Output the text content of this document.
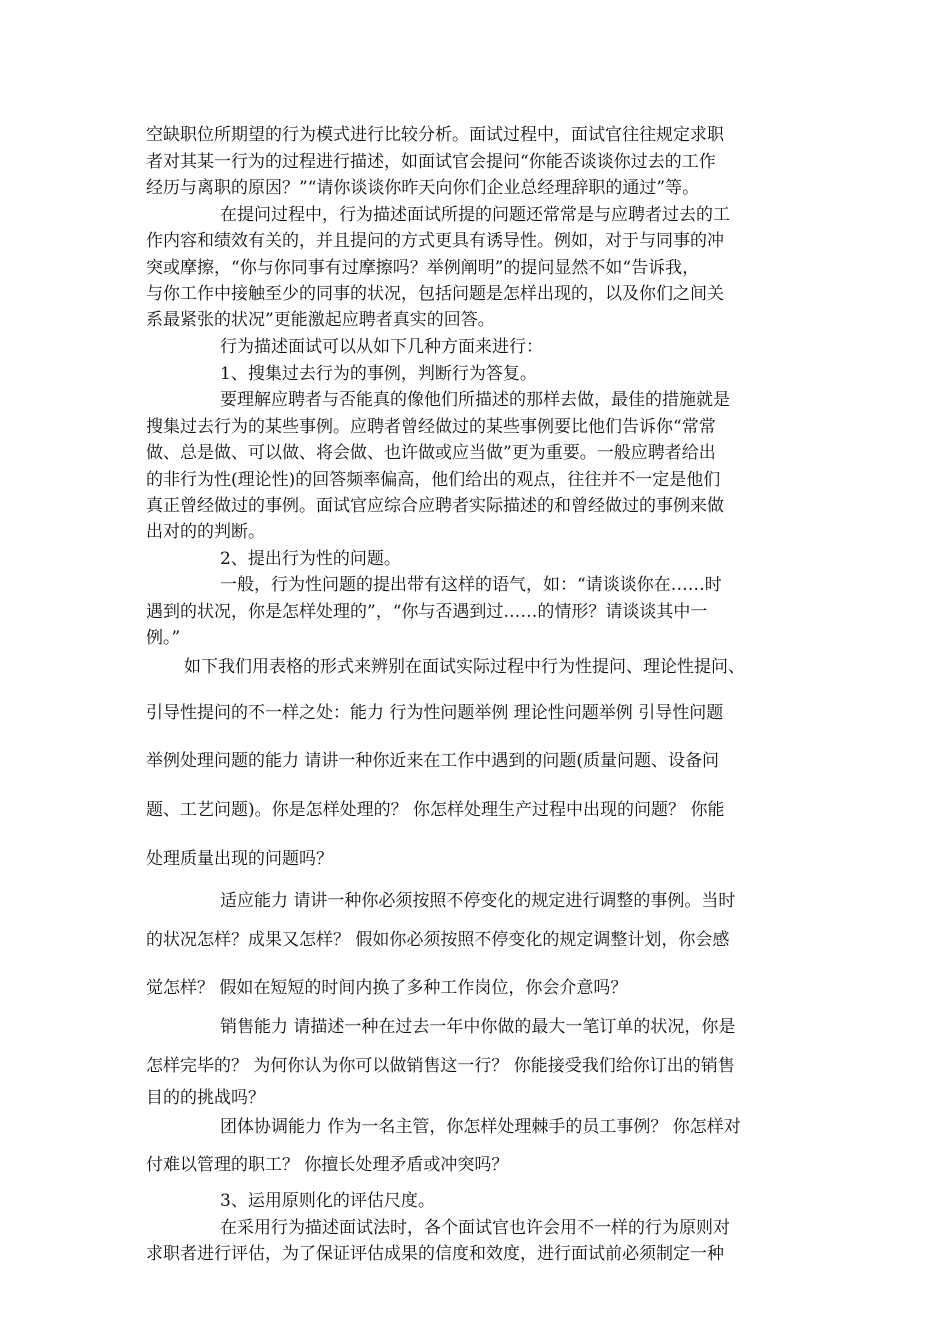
空缺职位所期望的行为模式进行比较分析。面试过程中，面试官往往规定求职
者对其某一行为的过程进行描述，如面试官会提问“你能否谈谈你过去的工作
经历与离职的原因？”“请你谈谈你昨天向你们企业总经理辞职的通过”等。
在提问过程中，行为描述面试所提的问题还常常是与应聘者过去的工
作内容和绩效有关的，并且提问的方式更具有诱导性。例如，对于与同事的冲
突或摩擦，“你与你同事有过摩擦吗？举例阐明”的提问显然不如“告诉我，
与你工作中接触至少的同事的状况，包括问题是怎样出现的，以及你们之间关
系最紧张的状况”更能激起应聘者真实的回答。
行为描述面试可以从如下几种方面来进行：
1、搜集过去行为的事例，判断行为答复。
要理解应聘者与否能真的像他们所描述的那样去做，最佳的措施就是
搜集过去行为的某些事例。应聘者曾经做过的某些事例要比他们告诉你“常常
做、总是做、可以做、将会做、也许做或应当做”更为重要。一般应聘者给出
的非行为性(理论性)的回答频率偏高，他们给出的观点，往往并不一定是他们
真正曾经做过的事例。面试官应综合应聘者实际描述的和曾经做过的事例来做
出对的的判断。
2、提出行为性的问题。
一般，行为性问题的提出带有这样的语气，如：“请谈谈你在……时
遇到的状况，你是怎样处理的”，“你与否遇到过……的情形？请谈谈其中一
例。”
如下我们用表格的形式来辨别在面试实际过程中行为性提问、理论性提问、
引导性提问的不一样之处：能力 行为性问题举例 理论性问题举例 引导性问题
举例处理问题的能力 请讲一种你近来在工作中遇到的问题(质量问题、设备问
题、工艺问题)。你是怎样处理的？ 你怎样处理生产过程中出现的问题？ 你能
处理质量出现的问题吗？
适应能力 请讲一种你必须按照不停变化的规定进行调整的事例。当时
的状况怎样？成果又怎样？ 假如你必须按照不停变化的规定调整计划，你会感
觉怎样？ 假如在短短的时间内换了多种工作岗位，你会介意吗？
销售能力 请描述一种在过去一年中你做的最大一笔订单的状况，你是
怎样完毕的？ 为何你认为你可以做销售这一行？ 你能接受我们给你订出的销售
目的的挑战吗？
团体协调能力 作为一名主管，你怎样处理棘手的员工事例？ 你怎样对
付难以管理的职工？ 你擅长处理矛盾或冲突吗？
3、运用原则化的评估尺度。
在采用行为描述面试法时，各个面试官也许会用不一样的行为原则对
求职者进行评估，为了保证评估成果的信度和效度，进行面试前必须制定一种
